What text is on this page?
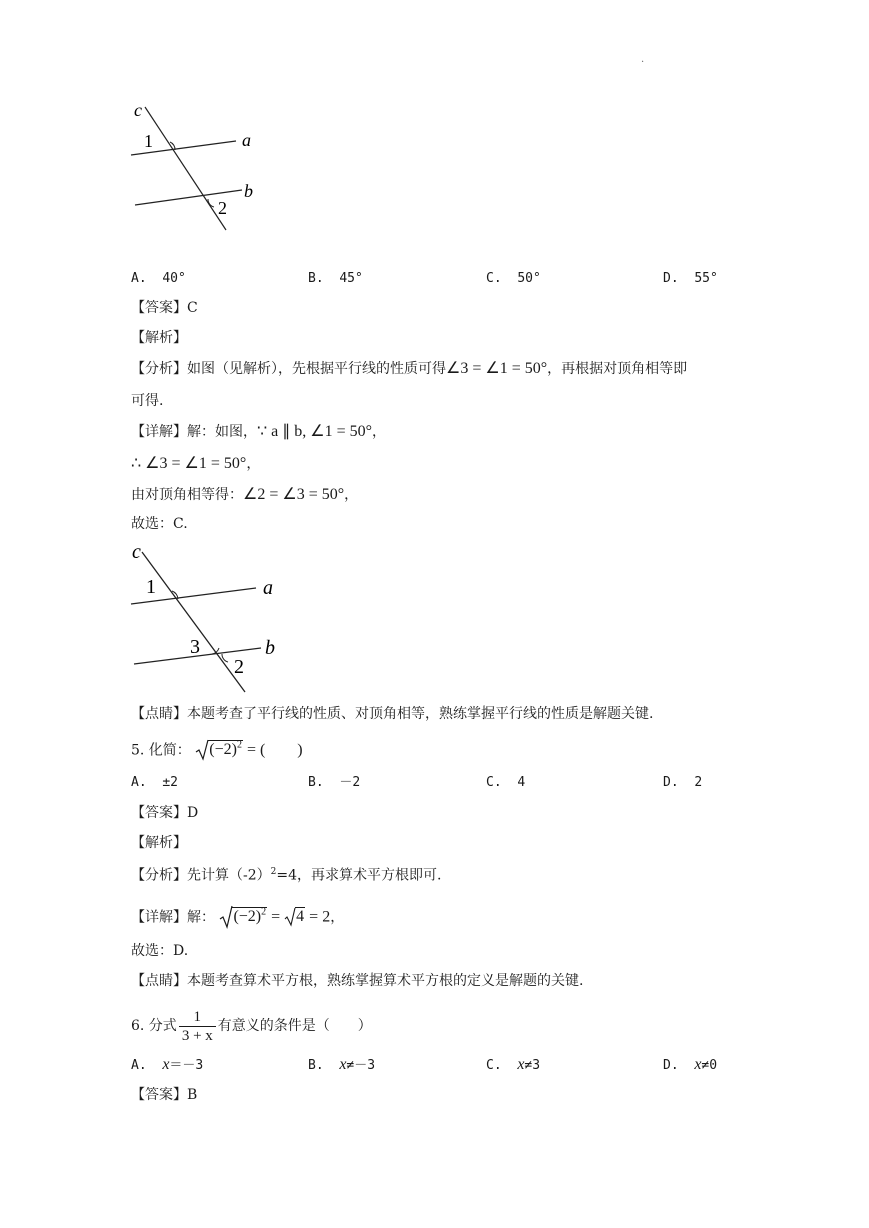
.
c
1	a
b
2
A. 40°	B. 45°	C. 50°	D. 55°
【答案】C
【解析】
【分析】如图（见解析），先根据平行线的性质可得∠3 = ∠1 = 50°，再根据对顶角相等即
可得.
【详解】解：如图，∵ a ∥ b, ∠1 = 50°，
∴ ∠3 = ∠1 = 50°，
由对顶角相等得：∠2 = ∠3 = 50°，
故选：C.
c
1	a
3	b
2
【点睛】本题考查了平行线的性质、对顶角相等，熟练掌握平行线的性质是解题关键.
5. 化简： $(-2)^2$ = (　　)
A. ±2	B. －2	C. 4	D. 2
【答案】D
【解析】
【分析】先计算$(-2)^2=4$，再求算术平方根即可.
【详解】解： $(-2)^2 = 4 = 2$，
故选：D.
【点睛】本题考查算术平方根，熟练掌握算术平方根的定义是解题的关键.
6. 分式 $\frac{1}{3 + x}$ 有意义的条件是（　　）
A. x＝－3	B. x≠－3	C. x≠3	D. x≠0
【答案】B
